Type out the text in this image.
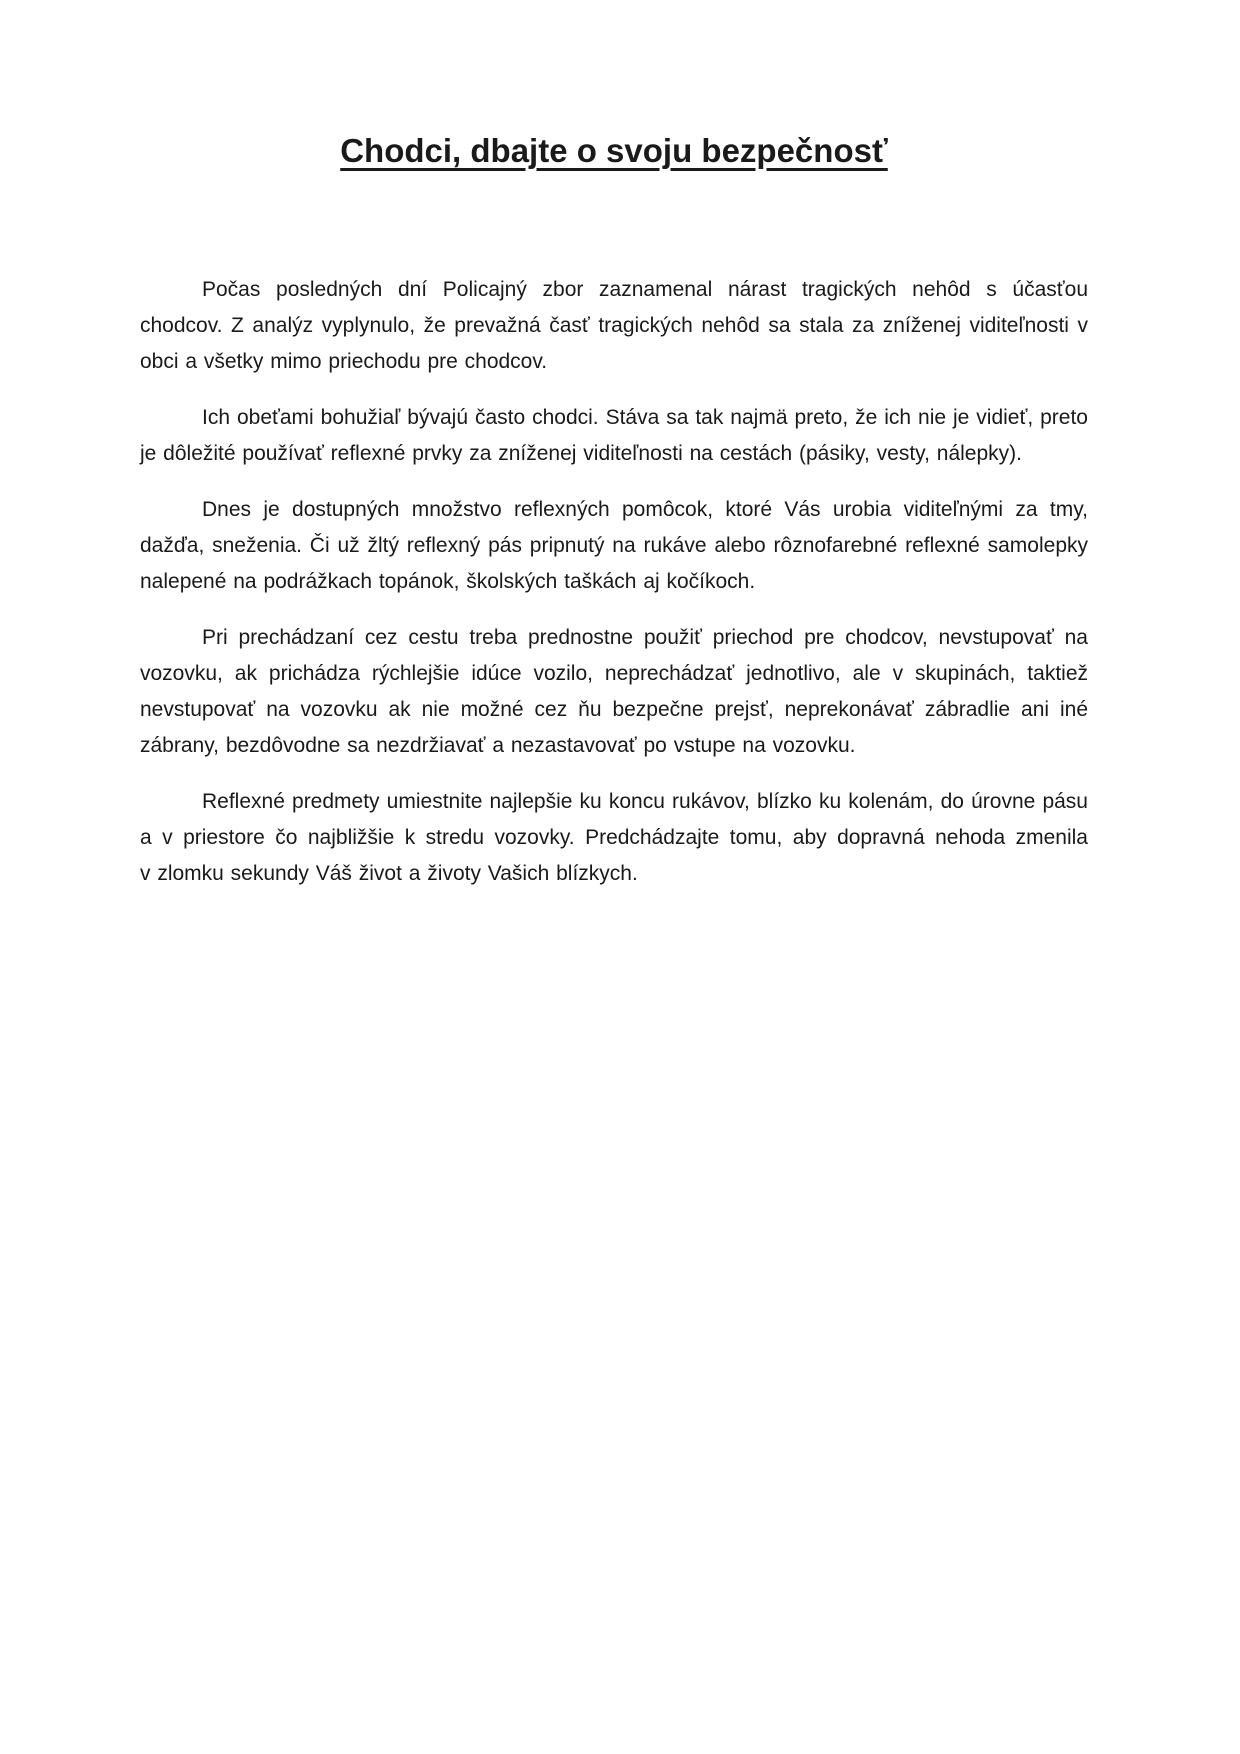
Chodci, dbajte o svoju bezpečnosť

Počas posledných dní Policajný zbor zaznamenal nárast tragických nehôd s účasťou chodcov. Z analýz vyplynulo, že prevažná časť tragických nehôd sa stala za zníženej viditeľnosti v obci a všetky mimo priechodu pre chodcov.

Ich obeťami bohužiaľ bývajú často chodci. Stáva sa tak najmä preto, že ich nie je vidieť, preto je dôležité používať reflexné prvky za zníženej viditeľnosti na cestách (pásiky, vesty, nálepky).

Dnes je dostupných množstvo reflexných pomôcok, ktoré Vás urobia viditeľnými za tmy, dažďa, sneženia. Či už žltý reflexný pás pripnutý na rukáve alebo rôznofarebné reflexné samolepky nalepené na podrážkach topánok, školských taškách aj kočíkoch.

Pri prechádzaní cez cestu treba prednostne použiť priechod pre chodcov, nevstupovať na vozovku, ak prichádza rýchlejšie idúce vozilo, neprechádzať jednotlivo, ale v skupinách, taktiež nevstupovať na vozovku ak nie možné cez ňu bezpečne prejsť, neprekonávať zábradlie ani iné zábrany, bezdôvodne sa nezdržiavať a nezastavovať po vstupe na vozovku.

Reflexné predmety umiestnite najlepšie ku koncu rukávov, blízko ku kolenám, do úrovne pásu a v priestore čo najbližšie k stredu vozovky. Predchádzajte tomu, aby dopravná nehoda zmenila v zlomku sekundy Váš život a životy Vašich blízkych.
